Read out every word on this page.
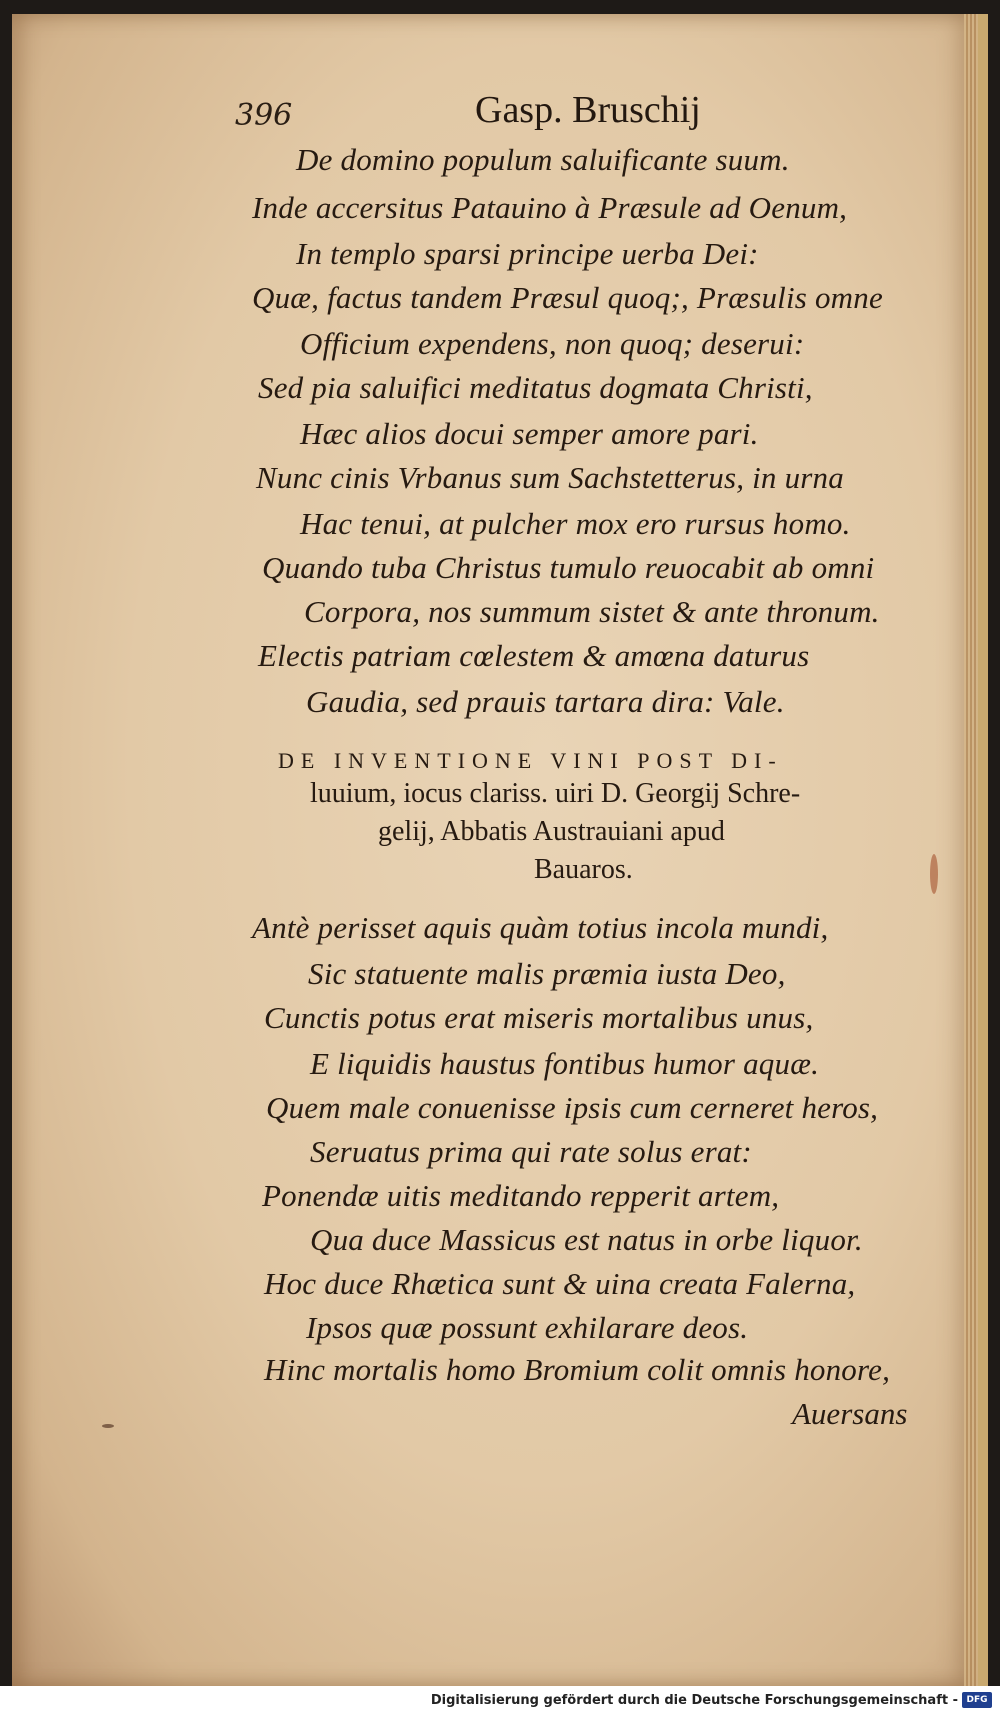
396	Gasp. Bruschij
De domino populum saluificante suum.
Inde accersitus Patauino à Præsule ad Oenum,
In templo sparsi principe uerba Dei:
Quæ, factus tandem Præsul quoq;, Præsulis omne
Officium expendens, non quoq; deserui:
Sed pia saluifici meditatus dogmata Christi,
Hæc alios docui semper amore pari.
Nunc cinis Vrbanus sum Sachstetterus, in urna
Hac tenui, at pulcher mox ero rursus homo.
Quando tuba Christus tumulo reuocabit ab omni
Corpora, nos summum sistet & ante thronum.
Electis patriam cœlestem & amœna daturus
Gaudia, sed prauis tartara dira: Vale.
DE INVENTIONE VINI POST DI-
luuium, iocus clariss. uiri D. Georgij Schre-
gelij, Abbatis Austrauiani apud
Bauaros.
Antè perisset aquis quàm totius incola mundi,
Sic statuente malis præmia iusta Deo,
Cunctis potus erat miseris mortalibus unus,
E liquidis haustus fontibus humor aquæ.
Quem male conuenisse ipsis cum cerneret heros,
Seruatus prima qui rate solus erat:
Ponendæ uitis meditando repperit artem,
Qua duce Massicus est natus in orbe liquor.
Hoc duce Rhætica sunt & uina creata Falerna,
Ipsos quæ possunt exhilarare deos.
Hinc mortalis homo Bromium colit omnis honore,
Auersans
Digitalisierung gefördert durch die Deutsche Forschungsgemeinschaft - DFG
